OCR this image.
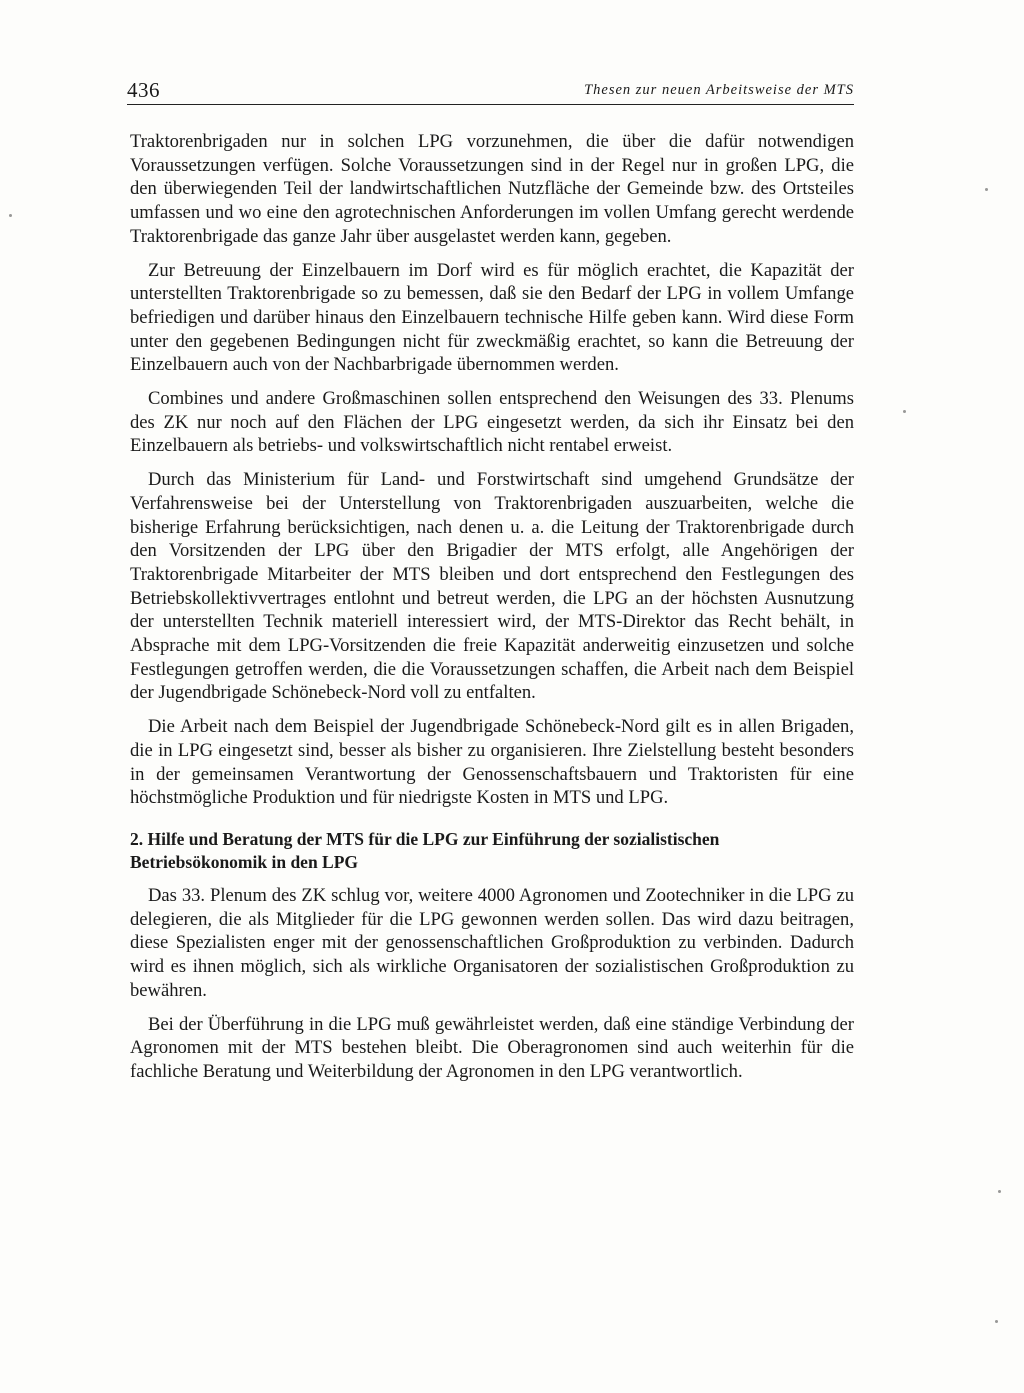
436	Thesen zur neuen Arbeitsweise der MTS

Traktorenbrigaden nur in solchen LPG vorzunehmen, die über die dafür notwendigen Voraussetzungen verfügen. Solche Voraussetzungen sind in der Regel nur in großen LPG, die den überwiegenden Teil der landwirtschaftlichen Nutzfläche der Gemeinde bzw. des Ortsteiles umfassen und wo eine den agrotechnischen Anforderungen im vollen Umfang gerecht werdende Traktorenbrigade das ganze Jahr über ausgelastet werden kann, gegeben.

Zur Betreuung der Einzelbauern im Dorf wird es für möglich erachtet, die Kapazität der unterstellten Traktorenbrigade so zu bemessen, daß sie den Bedarf der LPG in vollem Umfange befriedigen und darüber hinaus den Einzelbauern technische Hilfe geben kann. Wird diese Form unter den gegebenen Bedingungen nicht für zweckmäßig erachtet, so kann die Betreuung der Einzelbauern auch von der Nachbarbrigade übernommen werden.

Combines und andere Großmaschinen sollen entsprechend den Weisungen des 33. Plenums des ZK nur noch auf den Flächen der LPG eingesetzt werden, da sich ihr Einsatz bei den Einzelbauern als betriebs- und volkswirtschaftlich nicht rentabel erweist.

Durch das Ministerium für Land- und Forstwirtschaft sind umgehend Grundsätze der Verfahrensweise bei der Unterstellung von Traktorenbrigaden auszuarbeiten, welche die bisherige Erfahrung berücksichtigen, nach denen u. a. die Leitung der Traktorenbrigade durch den Vorsitzenden der LPG über den Brigadier der MTS erfolgt, alle Angehörigen der Traktorenbrigade Mitarbeiter der MTS bleiben und dort entsprechend den Festlegungen des Betriebskollektivvertrages entlohnt und betreut werden, die LPG an der höchsten Ausnutzung der unterstellten Technik materiell interessiert wird, der MTS-Direktor das Recht behält, in Absprache mit dem LPG-Vorsitzenden die freie Kapazität anderweitig einzusetzen und solche Festlegungen getroffen werden, die die Voraussetzungen schaffen, die Arbeit nach dem Beispiel der Jugendbrigade Schönebeck-Nord voll zu entfalten.

Die Arbeit nach dem Beispiel der Jugendbrigade Schönebeck-Nord gilt es in allen Brigaden, die in LPG eingesetzt sind, besser als bisher zu organisieren. Ihre Zielstellung besteht besonders in der gemeinsamen Verantwortung der Genossenschaftsbauern und Traktoristen für eine höchstmögliche Produktion und für niedrigste Kosten in MTS und LPG.

2. Hilfe und Beratung der MTS für die LPG zur Einführung der sozialistischen Betriebsökonomik in den LPG

Das 33. Plenum des ZK schlug vor, weitere 4000 Agronomen und Zootechniker in die LPG zu delegieren, die als Mitglieder für die LPG gewonnen werden sollen. Das wird dazu beitragen, diese Spezialisten enger mit der genossenschaftlichen Großproduktion zu verbinden. Dadurch wird es ihnen möglich, sich als wirkliche Organisatoren der sozialistischen Großproduktion zu bewähren.

Bei der Überführung in die LPG muß gewährleistet werden, daß eine ständige Verbindung der Agronomen mit der MTS bestehen bleibt. Die Oberagronomen sind auch weiterhin für die fachliche Beratung und Weiterbildung der Agronomen in den LPG verantwortlich.
